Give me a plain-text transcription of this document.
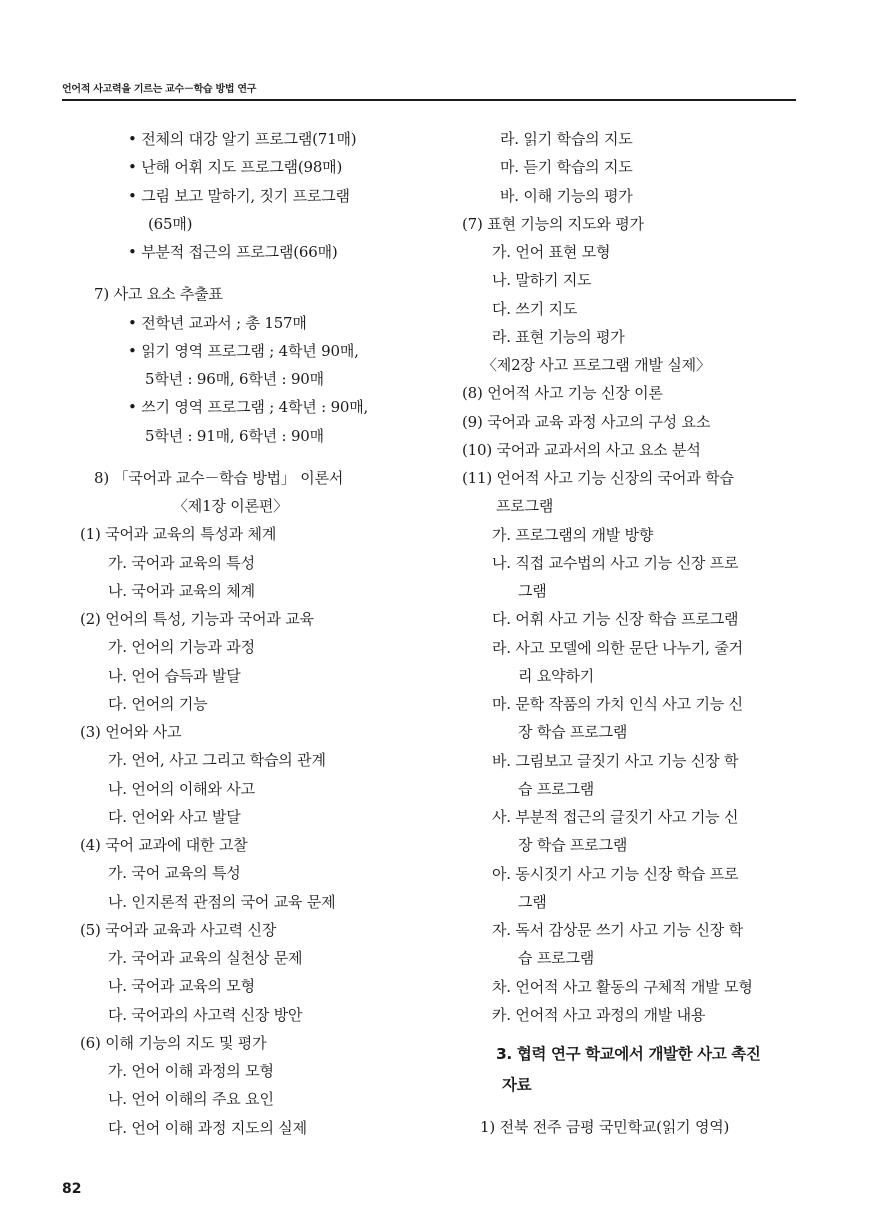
언어적 사고력을 기르는 교수－학습 방법 연구
• 전체의 대강 알기 프로그램(71매)
• 난해 어휘 지도 프로그램(98매)
• 그림 보고 말하기, 짓기 프로그램
(65매)
• 부분적 접근의 프로그램(66매)
7) 사고 요소 추출표
• 전학년 교과서 ; 총 157매
• 읽기 영역 프로그램 ; 4학년 90매,
5학년 : 96매, 6학년 : 90매
• 쓰기 영역 프로그램 ; 4학년 : 90매,
5학년 : 91매, 6학년 : 90매
8) 「국어과 교수－학습 방법」 이론서
〈제1장 이론편〉
(1) 국어과 교육의 특성과 체계
가. 국어과 교육의 특성
나. 국어과 교육의 체계
(2) 언어의 특성, 기능과 국어과 교육
가. 언어의 기능과 과정
나. 언어 습득과 발달
다. 언어의 기능
(3) 언어와 사고
가. 언어, 사고 그리고 학습의 관계
나. 언어의 이해와 사고
다. 언어와 사고 발달
(4) 국어 교과에 대한 고찰
가. 국어 교육의 특성
나. 인지론적 관점의 국어 교육 문제
(5) 국어과 교육과 사고력 신장
가. 국어과 교육의 실천상 문제
나. 국어과 교육의 모형
다. 국어과의 사고력 신장 방안
(6) 이해 기능의 지도 및 평가
가. 언어 이해 과정의 모형
나. 언어 이해의 주요 요인
다. 언어 이해 과정 지도의 실제
라. 읽기 학습의 지도
마. 듣기 학습의 지도
바. 이해 기능의 평가
(7) 표현 기능의 지도와 평가
가. 언어 표현 모형
나. 말하기 지도
다. 쓰기 지도
라. 표현 기능의 평가
〈제2장 사고 프로그램 개발 실제〉
(8) 언어적 사고 기능 신장 이론
(9) 국어과 교육 과정 사고의 구성 요소
(10) 국어과 교과서의 사고 요소 분석
(11) 언어적 사고 기능 신장의 국어과 학습
프로그램
가. 프로그램의 개발 방향
나. 직접 교수법의 사고 기능 신장 프로
그램
다. 어휘 사고 기능 신장 학습 프로그램
라. 사고 모델에 의한 문단 나누기, 줄거
리 요약하기
마. 문학 작품의 가치 인식 사고 기능 신
장 학습 프로그램
바. 그림보고 글짓기 사고 기능 신장 학
습 프로그램
사. 부분적 접근의 글짓기 사고 기능 신
장 학습 프로그램
아. 동시짓기 사고 기능 신장 학습 프로
그램
자. 독서 감상문 쓰기 사고 기능 신장 학
습 프로그램
차. 언어적 사고 활동의 구체적 개발 모형
카. 언어적 사고 과정의 개발 내용
3. 협력 연구 학교에서 개발한 사고 촉진
자료
1) 전북 전주 금평 국민학교(읽기 영역)
82
